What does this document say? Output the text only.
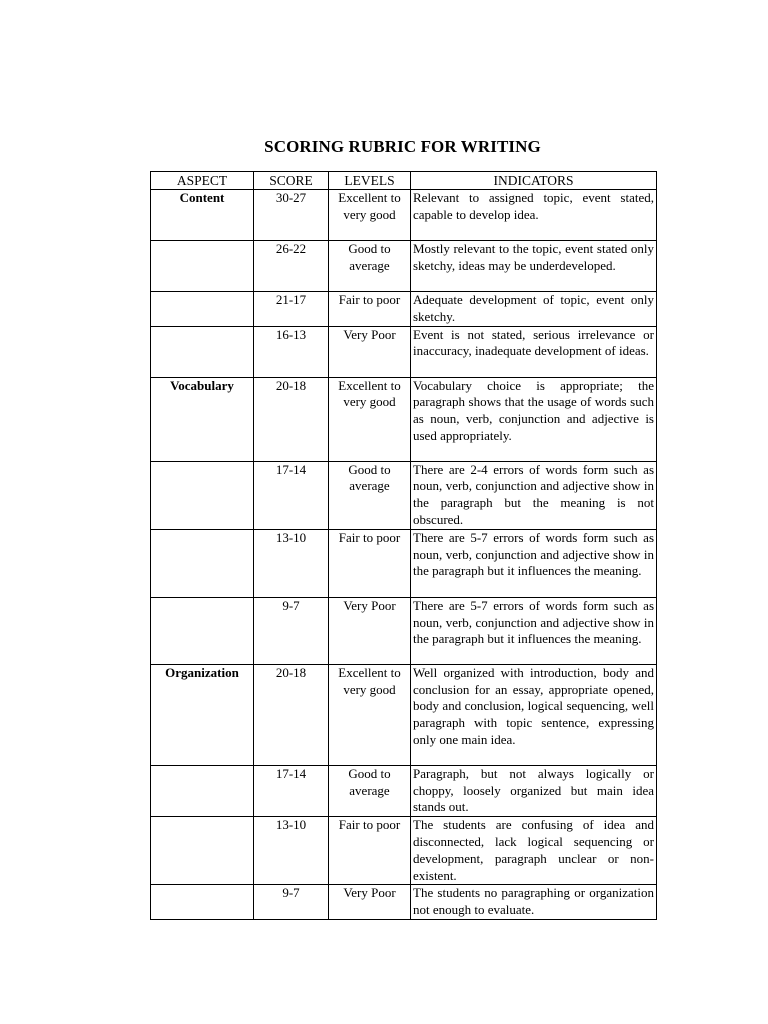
SCORING RUBRIC FOR WRITING
ASPECT	SCORE	LEVELS	INDICATORS
Content	30-27	Excellent to very good	Relevant to assigned topic, event stated, capable to develop idea.
	26-22	Good to average	Mostly relevant to the topic, event stated only sketchy, ideas may be underdeveloped.
	21-17	Fair to poor	Adequate development of topic, event only sketchy.
	16-13	Very Poor	Event is not stated, serious irrelevance or inaccuracy, inadequate development of ideas.
Vocabulary	20-18	Excellent to very good	Vocabulary choice is appropriate; the paragraph shows that the usage of words such as noun, verb, conjunction and adjective is used appropriately.
	17-14	Good to average	There are 2-4 errors of words form such as noun, verb, conjunction and adjective show in the paragraph but the meaning is not obscured.
	13-10	Fair to poor	There are 5-7 errors of words form such as noun, verb, conjunction and adjective show in the paragraph but it influences the meaning.
	9-7	Very Poor	There are 5-7 errors of words form such as noun, verb, conjunction and adjective show in the paragraph but it influences the meaning.
Organization	20-18	Excellent to very good	Well organized with introduction, body and conclusion for an essay, appropriate opened, body and conclusion, logical sequencing, well paragraph with topic sentence, expressing only one main idea.
	17-14	Good to average	Paragraph, but not always logically or choppy, loosely organized but main idea stands out.
	13-10	Fair to poor	The students are confusing of idea and disconnected, lack logical sequencing or development, paragraph unclear or non-existent.
	9-7	Very Poor	The students no paragraphing or organization not enough to evaluate.
